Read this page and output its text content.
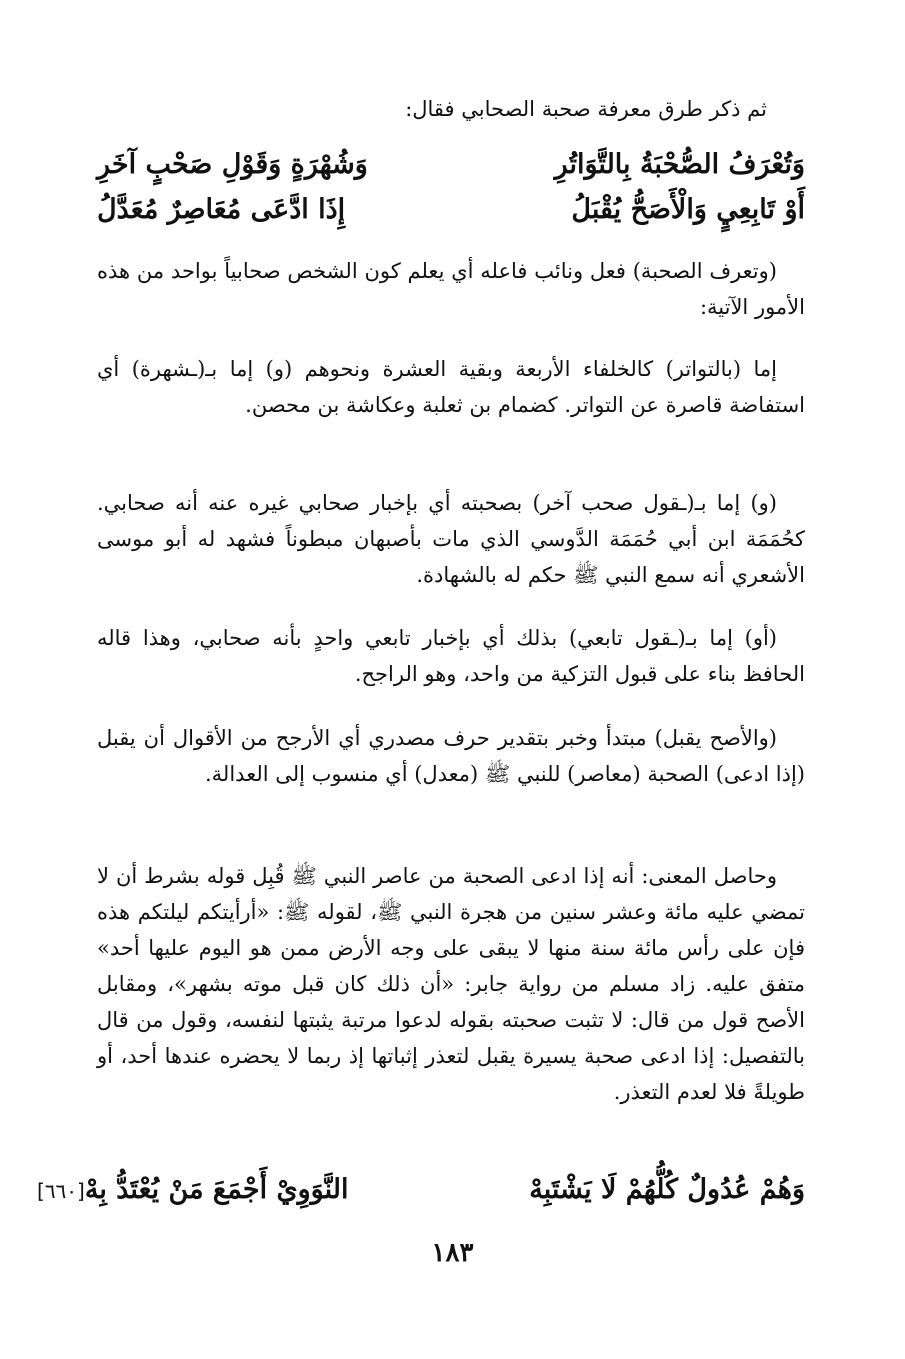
ثم ذكر طرق معرفة صحبة الصحابي فقال:
وَتُعْرَفُ الصُّحْبَةُ بِالتَّوَاتُرِ
وَشُهْرَةٍ وَقَوْلِ صَحْبٍ آخَرِ
أَوْ تَابِعِيٍ وَالْأَصَحُّ يُقْبَلُ
إِذَا ادَّعَى مُعَاصِرٌ مُعَدَّلُ

(وتعرف الصحبة) فعل ونائب فاعله أي يعلم كون الشخص صحابياً بواحد من هذه الأمور الآتية:

إما (بالتواتر) كالخلفاء الأربعة وبقية العشرة ونحوهم (و) إما بـ(ـشهرة) أي استفاضة قاصرة عن التواتر. كضمام بن ثعلبة وعكاشة بن محصن.

(و) إما بـ(ـقول صحب آخر) بصحبته أي بإخبار صحابي غيره عنه أنه صحابي. كحُمَمَة ابن أبي حُمَمَة الدَّوسي الذي مات بأصبهان مبطوناً فشهد له أبو موسى الأشعري أنه سمع النبي ﷺ حكم له بالشهادة.

(أو) إما بـ(ـقول تابعي) بذلك أي بإخبار تابعي واحدٍ بأنه صحابي، وهذا قاله الحافظ بناء على قبول التزكية من واحد، وهو الراجح.

(والأصح يقبل) مبتدأ وخبر بتقدير حرف مصدري أي الأرجح من الأقوال أن يقبل (إذا ادعى) الصحبة (معاصر) للنبي ﷺ (معدل) أي منسوب إلى العدالة.

وحاصل المعنى: أنه إذا ادعى الصحبة من عاصر النبي ﷺ قُبِل قوله بشرط أن لا تمضي عليه مائة وعشر سنين من هجرة النبي ﷺ، لقوله ﷺ: «أرأيتكم ليلتكم هذه فإن على رأس مائة سنة منها لا يبقى على وجه الأرض ممن هو اليوم عليها أحد» متفق عليه. زاد مسلم من رواية جابر: «أن ذلك كان قبل موته بشهر»، ومقابل الأصح قول من قال: لا تثبت صحبته بقوله لدعوا مرتبة يثبتها لنفسه، وقول من قال بالتفصيل: إذا ادعى صحبة يسيرة يقبل لتعذر إثباتها إذ ربما لا يحضره عندها أحد، أو طويلةً فلا لعدم التعذر.

وَهُمْ عُدُولٌ كُلُّهُمْ لَا يَشْتَبِهْ
النَّوَوِيْ أَجْمَعَ مَنْ يُعْتَدُّ بِهْ[٦٦٠]
١٨٣
